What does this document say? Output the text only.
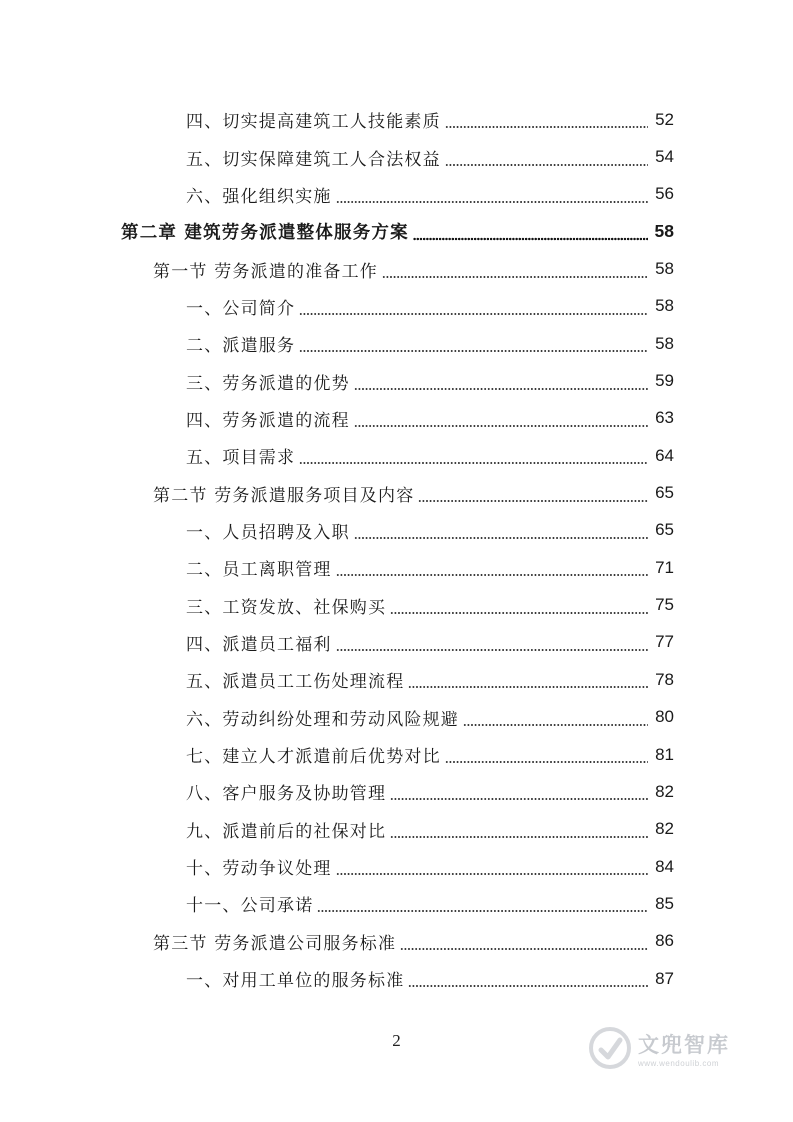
四、切实提高建筑工人技能素质	52
五、切实保障建筑工人合法权益	54
六、强化组织实施	56
第二章 建筑劳务派遣整体服务方案	58
第一节 劳务派遣的准备工作	58
一、公司简介	58
二、派遣服务	58
三、劳务派遣的优势	59
四、劳务派遣的流程	63
五、项目需求	64
第二节 劳务派遣服务项目及内容	65
一、人员招聘及入职	65
二、员工离职管理	71
三、工资发放、社保购买	75
四、派遣员工福利	77
五、派遣员工工伤处理流程	78
六、劳动纠纷处理和劳动风险规避	80
七、建立人才派遣前后优势对比	81
八、客户服务及协助管理	82
九、派遣前后的社保对比	82
十、劳动争议处理	84
十一、公司承诺	85
第三节 劳务派遣公司服务标准	86
一、对用工单位的服务标准	87
2	文兜智库
www.wendoulib.com
